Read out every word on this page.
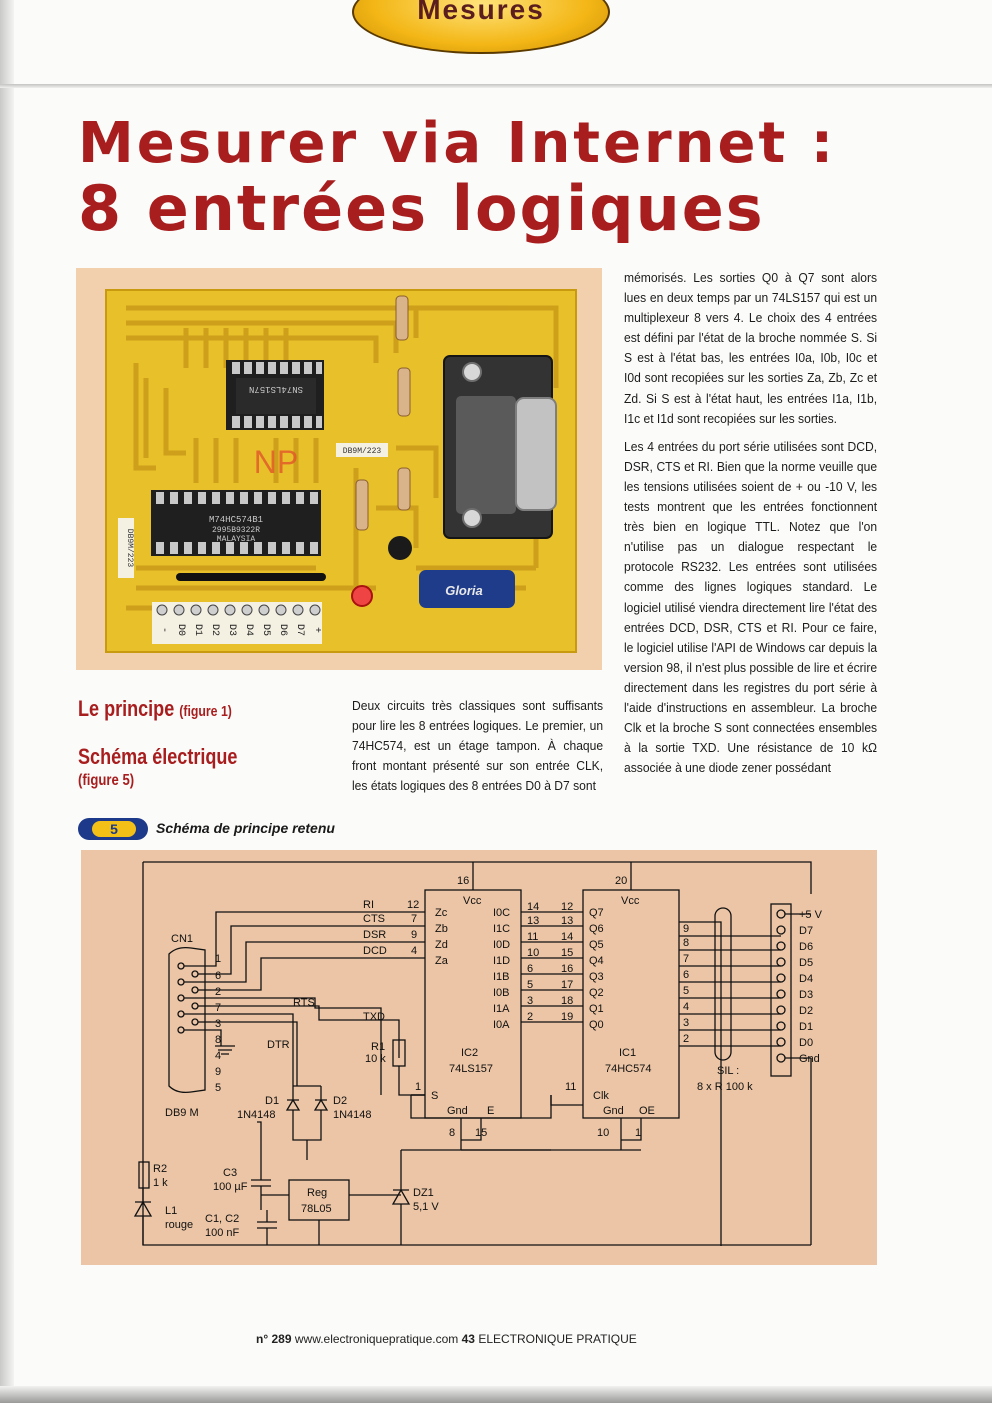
Mesures
Mesurer via Internet :
8 entrées logiques
SN74LS157N
M74HC574B1
2995B9322R
MALAYSIA
Gloria
DB9M/223
NP
DB9M/223
- D0 D1 D2 D3 D4 D5 D6 D7 +

mémorisés. Les sorties Q0 à Q7 sont alors lues en deux temps par un 74LS157 qui est un multiplexeur 8 vers 4. Le choix des 4 entrées est défini par l'état de la broche nommée S. Si S est à l'état bas, les entrées I0a, I0b, I0c et I0d sont recopiées sur les sorties Za, Zb, Zc et Zd. Si S est à l'état haut, les entrées I1a, I1b, I1c et I1d sont recopiées sur les sorties.

Les 4 entrées du port série utilisées sont DCD, DSR, CTS et RI. Bien que la norme veuille que les tensions utilisées soient de + ou -10 V, les tests montrent que les entrées fonctionnent très bien en logique TTL. Notez que l'on n'utilise pas un dialogue respectant le protocole RS232. Les entrées sont utilisées comme des lignes logiques standard. Le logiciel utilisé viendra directement lire l'état des entrées DCD, DSR, CTS et RI. Pour ce faire, le logiciel utilise l'API de Windows car depuis la version 98, il n'est plus possible de lire et écrire directement dans les registres du port série à l'aide d'instructions en assembleur. La broche Clk et la broche S sont connectées ensembles à la sortie TXD. Une résistance de 10 kΩ associée à une diode zener possédant

Le principe (figure 1)
Schéma électrique
(figure 5)

Deux circuits très classiques sont suffisants pour lire les 8 entrées logiques. Le premier, un 74HC574, est un étage tampon. À chaque front montant présenté sur son entrée CLK, les états logiques des 8 entrées D0 à D7 sont

5	Schéma de principe retenu
CN1
DB9 M
1
6
2
7
3
8
4
9
5
RI
CTS
DSR
DCD
RTS
TXD
DTR	R1
10 k
D1
1N4148
D2
1N4148
16	20
Vcc	Vcc
Zc
Zb
Zd
Za
12
7
9
4
I0C
I1C
I0D
I1D
I1B
I0B
I1A
I0A
14
13
11
10
6
5
3
2
12
13
14
15
16
17
18
19
Q7
Q6
Q5
Q4
Q3
Q2
Q1
Q0
9
8
7
6
5
4
3
2
IC2
74LS157
IC1
74HC574
S
1
Gnd E
8 15
Clk
11
Gnd OE
10 1
SIL :
8 x R 100 k
+5 V
D7
D6
D5
D4
D3
D2
D1
D0
Gnd
R2
1 k
L1
rouge
C3
100 µF
C1, C2
100 nF
Reg
78L05
DZ1
5,1 V
n° 289 www.electroniquepratique.com 43 ELECTRONIQUE PRATIQUE
